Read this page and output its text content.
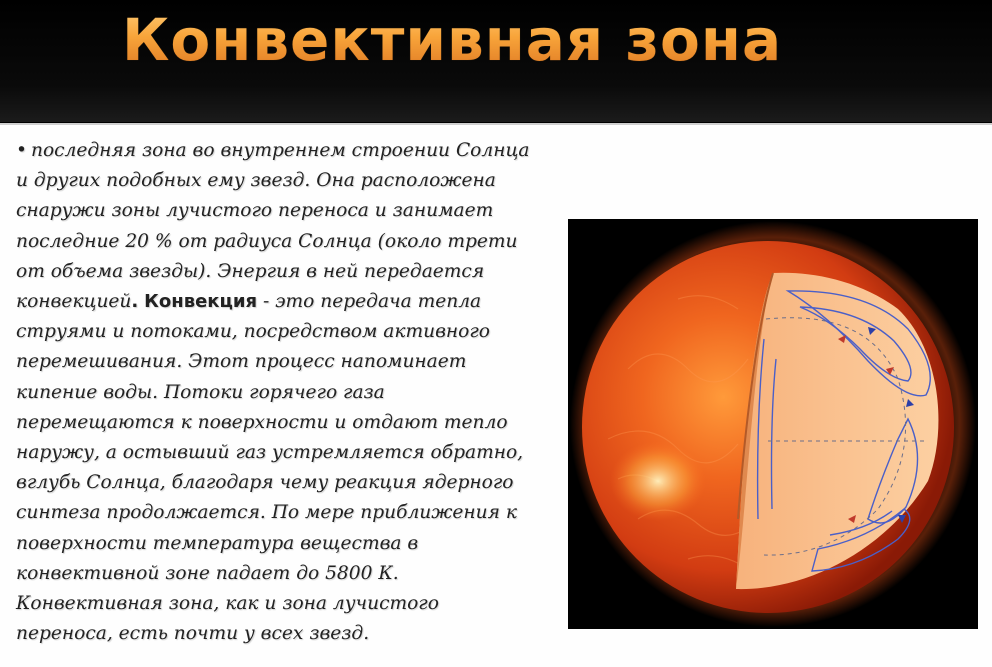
Конвективная зона

• последняя зона во внутреннем строении Солнца
и других подобных ему звезд. Она расположена
снаружи зоны лучистого переноса и занимает
последние 20 % от радиуса Солнца (около трети
от объема звезды). Энергия в ней передается
конвекцией. Конвекция - это передача тепла
струями и потоками, посредством активного
перемешивания. Этот процесс напоминает
кипение воды. Потоки горячего газа
перемещаются к поверхности и отдают тепло
наружу, а остывший газ устремляется обратно,
вглубь Солнца, благодаря чему реакция ядерного
синтеза продолжается. По мере приближения к
поверхности температура вещества в
конвективной зоне падает до 5800 К.
Конвективная зона, как и зона лучистого
переноса, есть почти у всех звезд.
